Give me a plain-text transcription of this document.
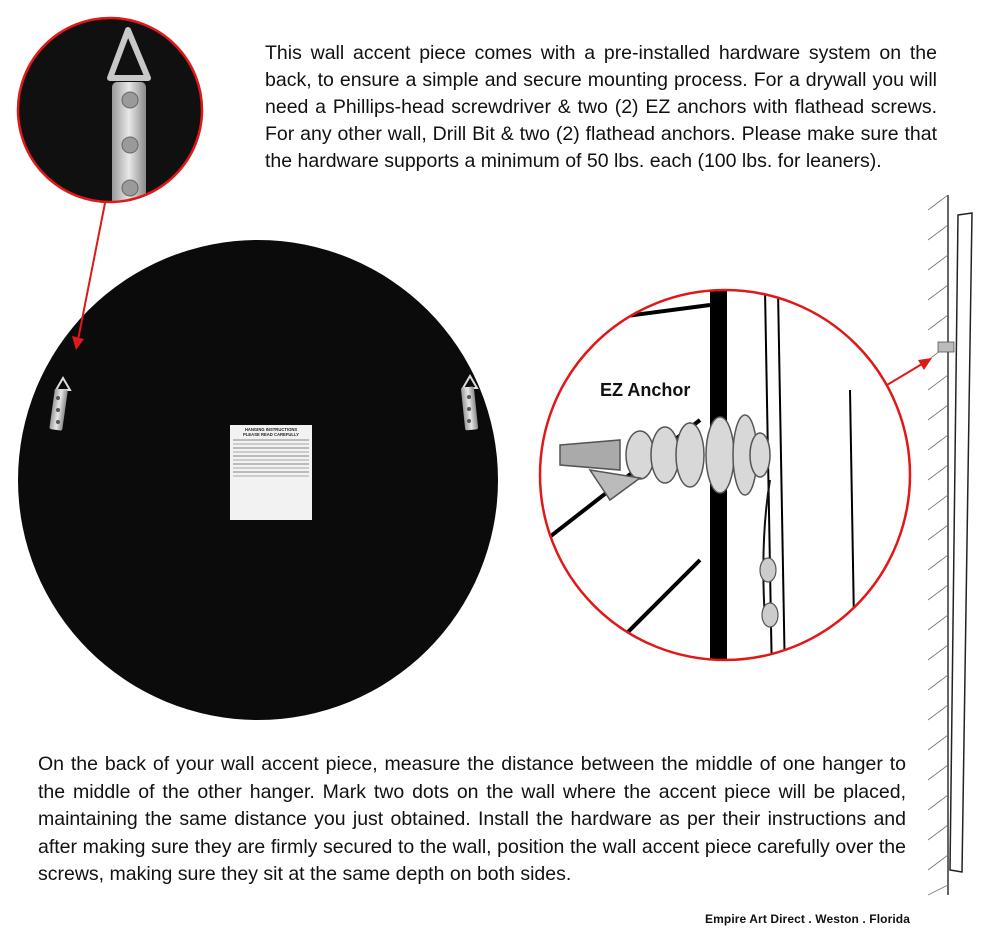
HANGING INSTRUCTIONS
PLEASE READ CAREFULLY

EZ Anchor

This wall accent piece comes with a pre-installed hardware system on the back, to ensure a simple and secure mounting process. For a drywall you will need a Phillips-head screwdriver & two (2) EZ anchors with flathead screws. For any other wall, Drill Bit & two (2) flathead anchors. Please make sure that the hardware supports a minimum of 50 lbs. each (100 lbs. for leaners).

On the back of your wall accent piece, measure the distance between the middle of one hanger to the middle of the other hanger. Mark two dots on the wall where the accent piece will be placed, maintaining the same distance you just obtained. Install the hardware as per their instructions and after making sure they are firmly secured to the wall, position the wall accent piece carefully over the screws, making sure they sit at the same depth on both sides.

Empire Art Direct . Weston . Florida
